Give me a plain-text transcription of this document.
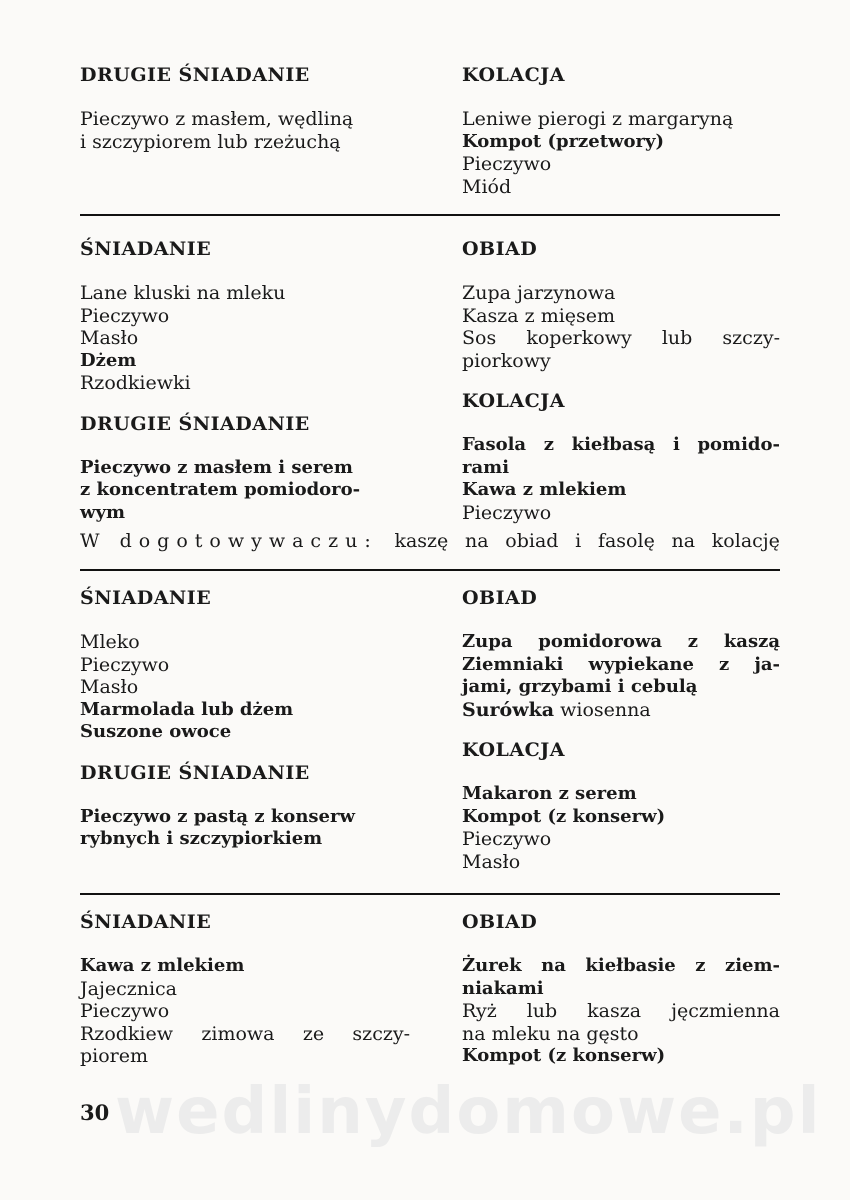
wedlinydomowe.pl
DRUGIE ŚNIADANIE
Pieczywo z masłem, wędliną
i szczypiorem lub rzeżuchą
KOLACJA
Leniwe pierogi z margaryną
Kompot (przetwory)
Pieczywo
Miód
ŚNIADANIE
Lane kluski na mleku
Pieczywo
Masło
Dżem
Rzodkiewki
DRUGIE ŚNIADANIE
Pieczywo z masłem i serem
z koncentratem pomiodoro-
wym
OBIAD
Zupa jarzynowa
Kasza z mięsem
Sos koperkowy lub szczy-
piorkowy
KOLACJA
Fasola z kiełbasą i pomido-
rami
Kawa z mlekiem
Pieczywo
W dogotowywaczu: kaszę na obiad i fasolę na kolację
ŚNIADANIE
Mleko
Pieczywo
Masło
Marmolada lub dżem
Suszone owoce
DRUGIE ŚNIADANIE
Pieczywo z pastą z konserw
rybnych i szczypiorkiem
OBIAD
Zupa pomidorowa z kaszą
Ziemniaki wypiekane z ja-
jami, grzybami i cebulą
Surówka wiosenna
KOLACJA
Makaron z serem
Kompot (z konserw)
Pieczywo
Masło
ŚNIADANIE
Kawa z mlekiem
Jajecznica
Pieczywo
Rzodkiew zimowa ze szczy-
piorem
OBIAD
Żurek na kiełbasie z ziem-
niakami
Ryż lub kasza jęczmienna
na mleku na gęsto
Kompot (z konserw)
30
